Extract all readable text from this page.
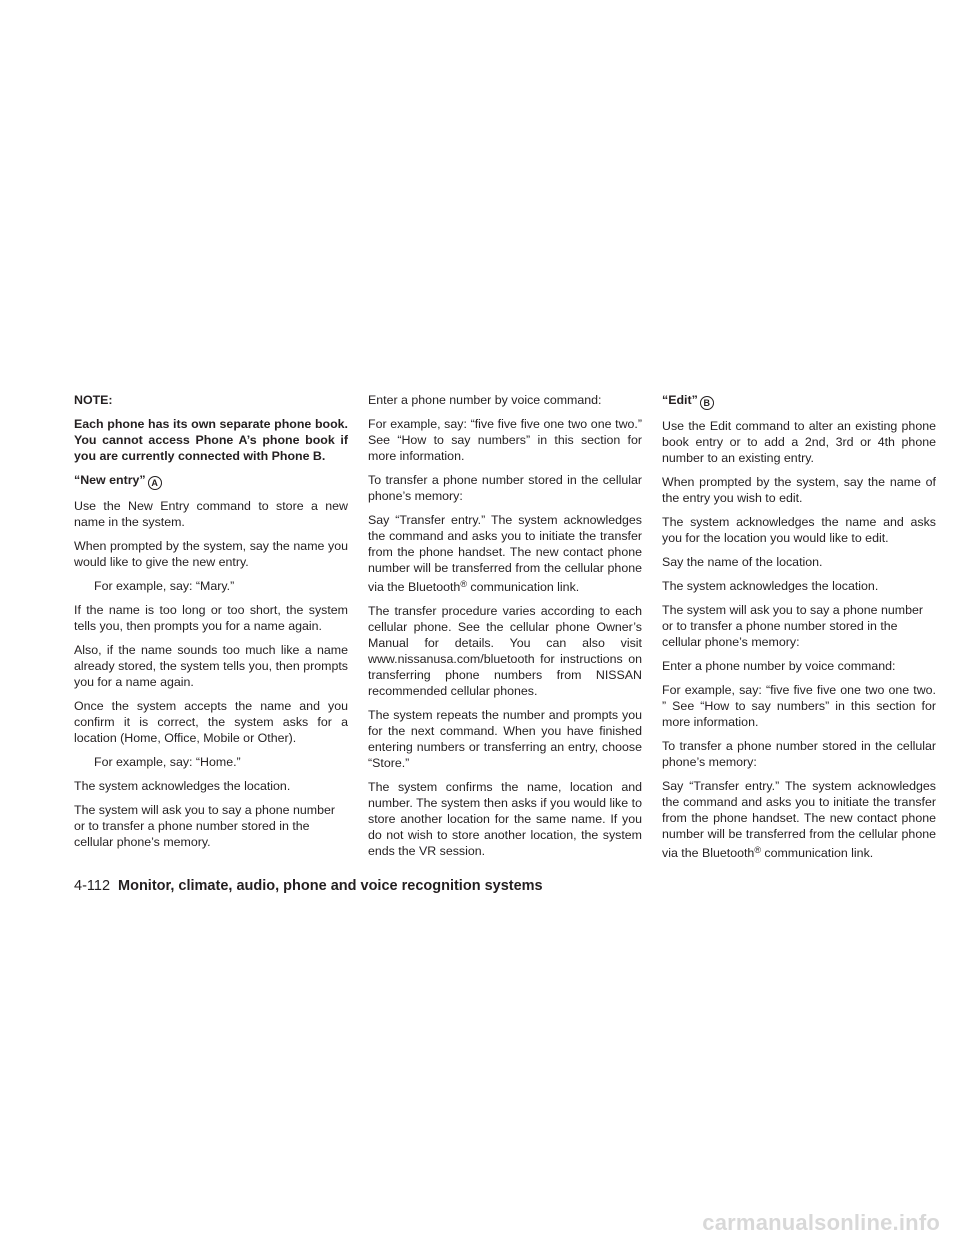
NOTE:

Each phone has its own separate phone book. You cannot access Phone A’s phone book if you are currently connected with Phone B.

“New entry” A

Use the New Entry command to store a new name in the system.

When prompted by the system, say the name you would like to give the new entry.

For example, say: “Mary.”

If the name is too long or too short, the system tells you, then prompts you for a name again.

Also, if the name sounds too much like a name already stored, the system tells you, then prompts you for a name again.

Once the system accepts the name and you confirm it is correct, the system asks for a location (Home, Office, Mobile or Other).

For example, say: “Home.”

The system acknowledges the location.

The system will ask you to say a phone number or to transfer a phone number stored in the cellular phone’s memory.

Enter a phone number by voice command:

For example, say: “five five five one two one two.” See “How to say numbers” in this section for more information.

To transfer a phone number stored in the cellular phone’s memory:

Say “Transfer entry.” The system acknowledges the command and asks you to initiate the transfer from the phone handset. The new contact phone number will be transferred from the cellular phone via the Bluetooth® communication link.

The transfer procedure varies according to each cellular phone. See the cellular phone Owner’s Manual for details. You can also visit www.nissanusa.com/bluetooth for instructions on transferring phone numbers from NISSAN recommended cellular phones.

The system repeats the number and prompts you for the next command. When you have finished entering numbers or transferring an entry, choose “Store.”

The system confirms the name, location and number. The system then asks if you would like to store another location for the same name. If you do not wish to store another location, the system ends the VR session.

“Edit” B

Use the Edit command to alter an existing phone book entry or to add a 2nd, 3rd or 4th phone number to an existing entry.

When prompted by the system, say the name of the entry you wish to edit.

The system acknowledges the name and asks you for the location you would like to edit.

Say the name of the location.

The system acknowledges the location.

The system will ask you to say a phone number or to transfer a phone number stored in the cellular phone’s memory:

Enter a phone number by voice command:

For example, say: “five five five one two one two. ” See “How to say numbers” in this section for more information.

To transfer a phone number stored in the cellular phone’s memory:

Say “Transfer entry.” The system acknowledges the command and asks you to initiate the transfer from the phone handset. The new contact phone number will be transferred from the cellular phone via the Bluetooth® communication link.

4-112 Monitor, climate, audio, phone and voice recognition systems
carmanualsonline.info
